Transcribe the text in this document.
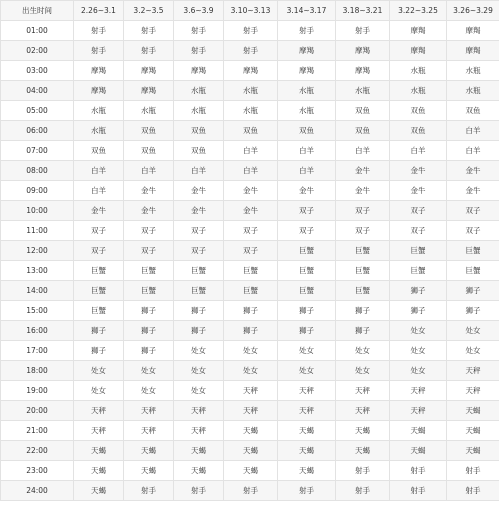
出生时间	2.26~3.1	3.2~3.5	3.6~3.9	3.10~3.13	3.14~3.17	3.18~3.21	3.22~3.25	3.26~3.29
01:00	射手	射手	射手	射手	射手	射手	摩羯	摩羯
02:00	射手	射手	射手	射手	摩羯	摩羯	摩羯	摩羯
03:00	摩羯	摩羯	摩羯	摩羯	摩羯	摩羯	水瓶	水瓶
04:00	摩羯	摩羯	水瓶	水瓶	水瓶	水瓶	水瓶	水瓶
05:00	水瓶	水瓶	水瓶	水瓶	水瓶	双鱼	双鱼	双鱼
06:00	水瓶	双鱼	双鱼	双鱼	双鱼	双鱼	双鱼	白羊
07:00	双鱼	双鱼	双鱼	白羊	白羊	白羊	白羊	白羊
08:00	白羊	白羊	白羊	白羊	白羊	金牛	金牛	金牛
09:00	白羊	金牛	金牛	金牛	金牛	金牛	金牛	金牛
10:00	金牛	金牛	金牛	金牛	双子	双子	双子	双子
11:00	双子	双子	双子	双子	双子	双子	双子	双子
12:00	双子	双子	双子	双子	巨蟹	巨蟹	巨蟹	巨蟹
13:00	巨蟹	巨蟹	巨蟹	巨蟹	巨蟹	巨蟹	巨蟹	巨蟹
14:00	巨蟹	巨蟹	巨蟹	巨蟹	巨蟹	巨蟹	狮子	狮子
15:00	巨蟹	狮子	狮子	狮子	狮子	狮子	狮子	狮子
16:00	狮子	狮子	狮子	狮子	狮子	狮子	处女	处女
17:00	狮子	狮子	处女	处女	处女	处女	处女	处女
18:00	处女	处女	处女	处女	处女	处女	处女	天秤
19:00	处女	处女	处女	天秤	天秤	天秤	天秤	天秤
20:00	天秤	天秤	天秤	天秤	天秤	天秤	天秤	天蝎
21:00	天秤	天秤	天秤	天蝎	天蝎	天蝎	天蝎	天蝎
22:00	天蝎	天蝎	天蝎	天蝎	天蝎	天蝎	天蝎	天蝎
23:00	天蝎	天蝎	天蝎	天蝎	天蝎	射手	射手	射手
24:00	天蝎	射手	射手	射手	射手	射手	射手	射手
